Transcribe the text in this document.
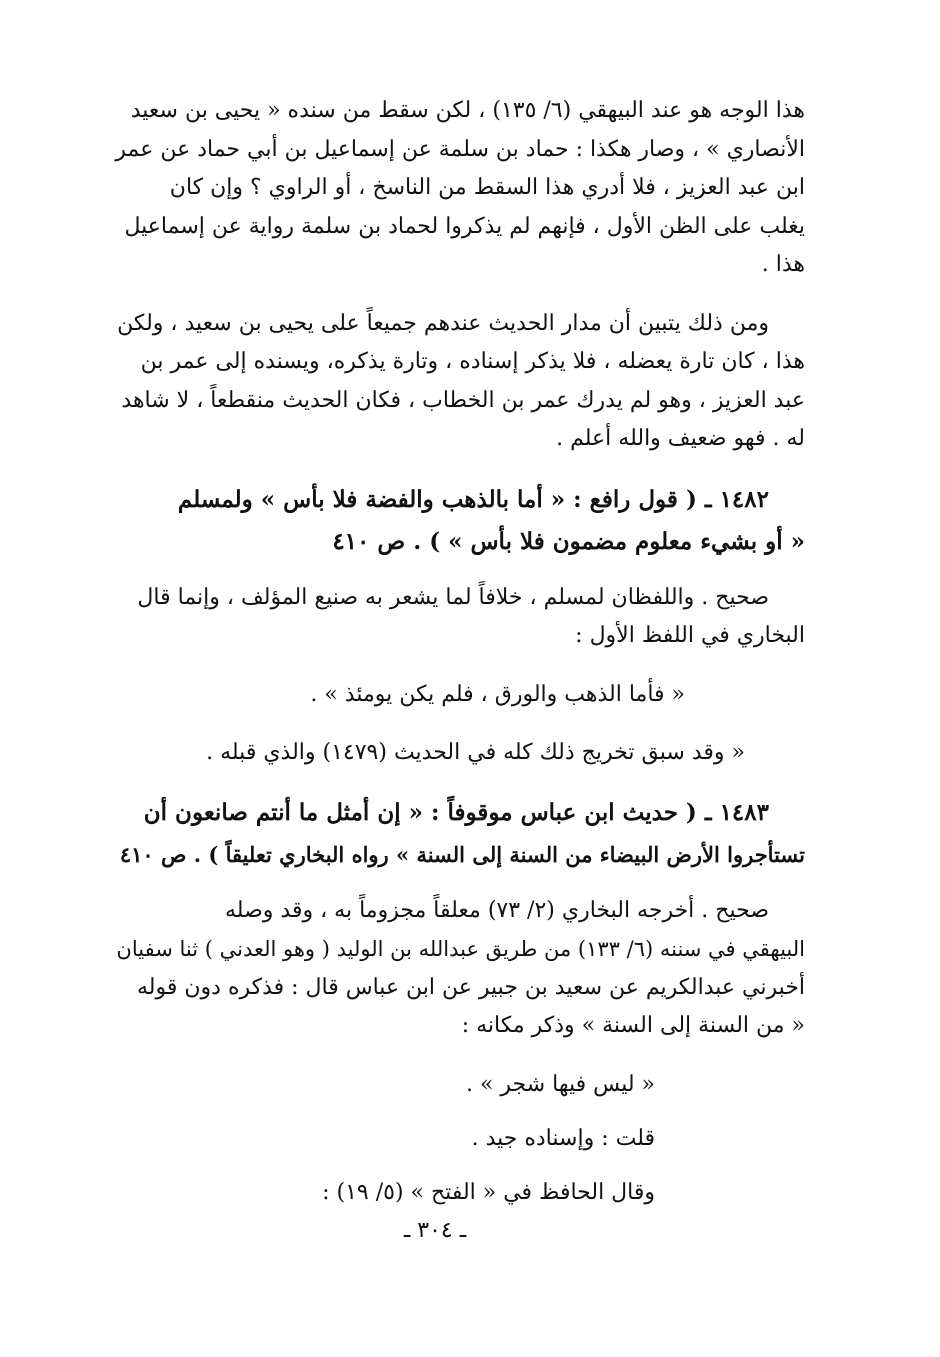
هذا الوجه هو عند البيهقي (٦/ ١٣٥) ، لكن سقط من سنده « يحيى بن سعيد
الأنصاري » ، وصار هكذا : حماد بن سلمة عن إسماعيل بن أبي حماد عن عمر
ابن عبد العزيز ، فلا أدري هذا السقط من الناسخ ، أو الراوي ؟ وإن كان
يغلب على الظن الأول ، فإنهم لم يذكروا لحماد بن سلمة رواية عن إسماعيل
هذا .

ومن ذلك يتبين أن مدار الحديث عندهم جميعاً على يحيى بن سعيد ، ولكن
هذا ، كان تارة يعضله ، فلا يذكر إسناده ، وتارة يذكره، ويسنده إلى عمر بن
عبد العزيز ، وهو لم يدرك عمر بن الخطاب ، فكان الحديث منقطعاً ، لا شاهد
له . فهو ضعيف والله أعلم .

١٤٨٢ ـ ( قول رافع : « أما بالذهب والفضة فلا بأس » ولمسلم
« أو بشيء معلوم مضمون فلا بأس » ) . ص ٤١٠

صحيح . واللفظان لمسلم ، خلافاً لما يشعر به صنيع المؤلف ، وإنما قال
البخاري في اللفظ الأول :

« فأما الذهب والورق ، فلم يكن يومئذ » .

« وقد سبق تخريج ذلك كله في الحديث (١٤٧٩) والذي قبله .

١٤٨٣ ـ ( حديث ابن عباس موقوفاً : « إن أمثل ما أنتم صانعون أن
تستأجروا الأرض البيضاء من السنة إلى السنة » رواه البخاري تعليقاً ) . ص ٤١٠

صحيح . أخرجه البخاري (٢/ ٧٣) معلقاً مجزوماً به ، وقد وصله
البيهقي في سننه (٦/ ١٣٣) من طريق عبدالله بن الوليد ( وهو العدني ) ثنا سفيان
أخبرني عبدالكريم عن سعيد بن جبير عن ابن عباس قال : فذكره دون قوله
« من السنة إلى السنة » وذكر مكانه :

« ليس فيها شجر » .

قلت : وإسناده جيد .

وقال الحافظ في « الفتح » (٥/ ١٩) :

ـ ٣٠٤ ـ
